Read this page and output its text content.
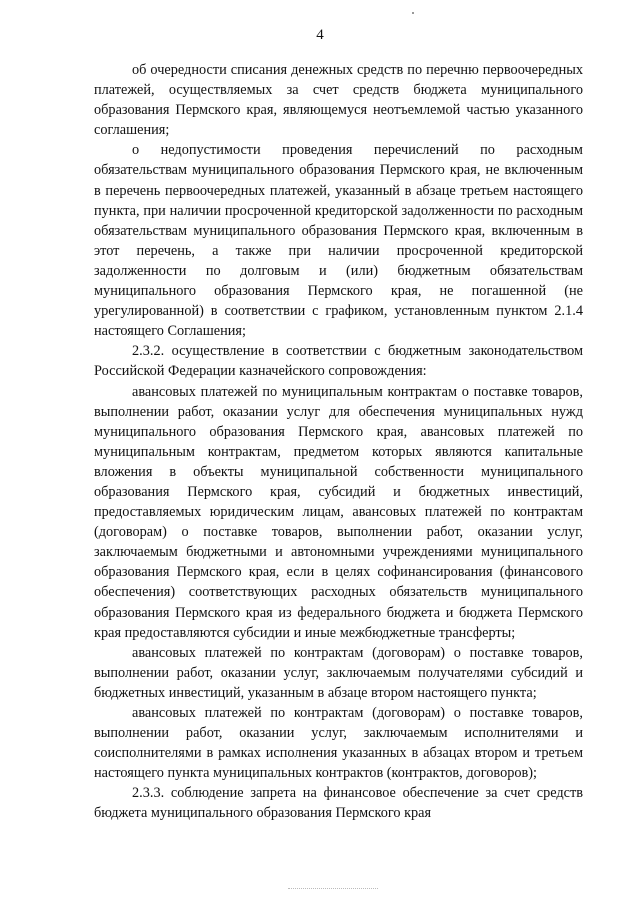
4

об очередности списания денежных средств по перечню первоочередных платежей, осуществляемых за счет средств бюджета муниципального образования Пермского края, являющемуся неотъемлемой частью указанного соглашения;

о недопустимости проведения перечислений по расходным обязательствам муниципального образования Пермского края, не включенным в перечень первоочередных платежей, указанный в абзаце третьем настоящего пункта, при наличии просроченной кредиторской задолженности по расходным обязательствам муниципального образования Пермского края, включенным в этот перечень, а также при наличии просроченной кредиторской задолженности по долговым и (или) бюджетным обязательствам муниципального образования Пермского края, не погашенной (не урегулированной) в соответствии с графиком, установленным пунктом 2.1.4 настоящего Соглашения;

2.3.2. осуществление в соответствии с бюджетным законодательством Российской Федерации казначейского сопровождения:

авансовых платежей по муниципальным контрактам о поставке товаров, выполнении работ, оказании услуг для обеспечения муниципальных нужд муниципального образования Пермского края, авансовых платежей по муниципальным контрактам, предметом которых являются капитальные вложения в объекты муниципальной собственности муниципального образования Пермского края, субсидий и бюджетных инвестиций, предоставляемых юридическим лицам, авансовых платежей по контрактам (договорам) о поставке товаров, выполнении работ, оказании услуг, заключаемым бюджетными и автономными учреждениями муниципального образования Пермского края, если в целях софинансирования (финансового обеспечения) соответствующих расходных обязательств муниципального образования Пермского края из федерального бюджета и бюджета Пермского края предоставляются субсидии и иные межбюджетные трансферты;

авансовых платежей по контрактам (договорам) о поставке товаров, выполнении работ, оказании услуг, заключаемым получателями субсидий и бюджетных инвестиций, указанным в абзаце втором настоящего пункта;

авансовых платежей по контрактам (договорам) о поставке товаров, выполнении работ, оказании услуг, заключаемым исполнителями и соисполнителями в рамках исполнения указанных в абзацах втором и третьем настоящего пункта муниципальных контрактов (контрактов, договоров);

2.3.3. соблюдение запрета на финансовое обеспечение за счет средств бюджета муниципального образования Пермского края
